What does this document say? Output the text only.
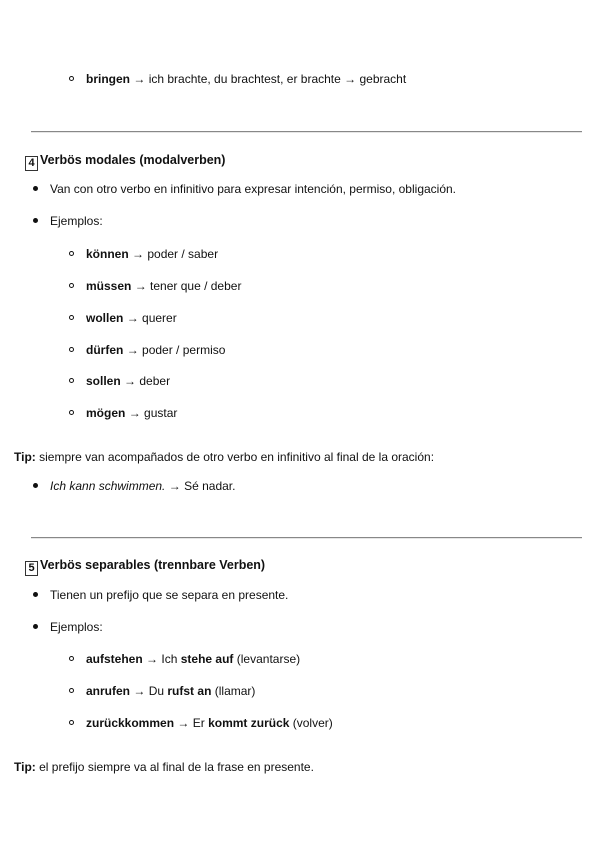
bringen → ich brachte, du brachtest, er brachte → gebracht
4 Verbös modales (modalverben)
Van con otro verbo en infinitivo para expresar intención, permiso, obligación.
Ejemplos:
können → poder / saber
müssen → tener que / deber
wollen → querer
dürfen → poder / permiso
sollen → deber
mögen → gustar
Tip: siempre van acompañados de otro verbo en infinitivo al final de la oración:
Ich kann schwimmen. → Sé nadar.
5 Verbös separables (trennbare Verben)
Tienen un prefijo que se separa en presente.
Ejemplos:
aufstehen → Ich stehe auf (levantarse)
anrufen → Du rufst an (llamar)
zurückkommen → Er kommt zurück (volver)
Tip: el prefijo siempre va al final de la frase en presente.
